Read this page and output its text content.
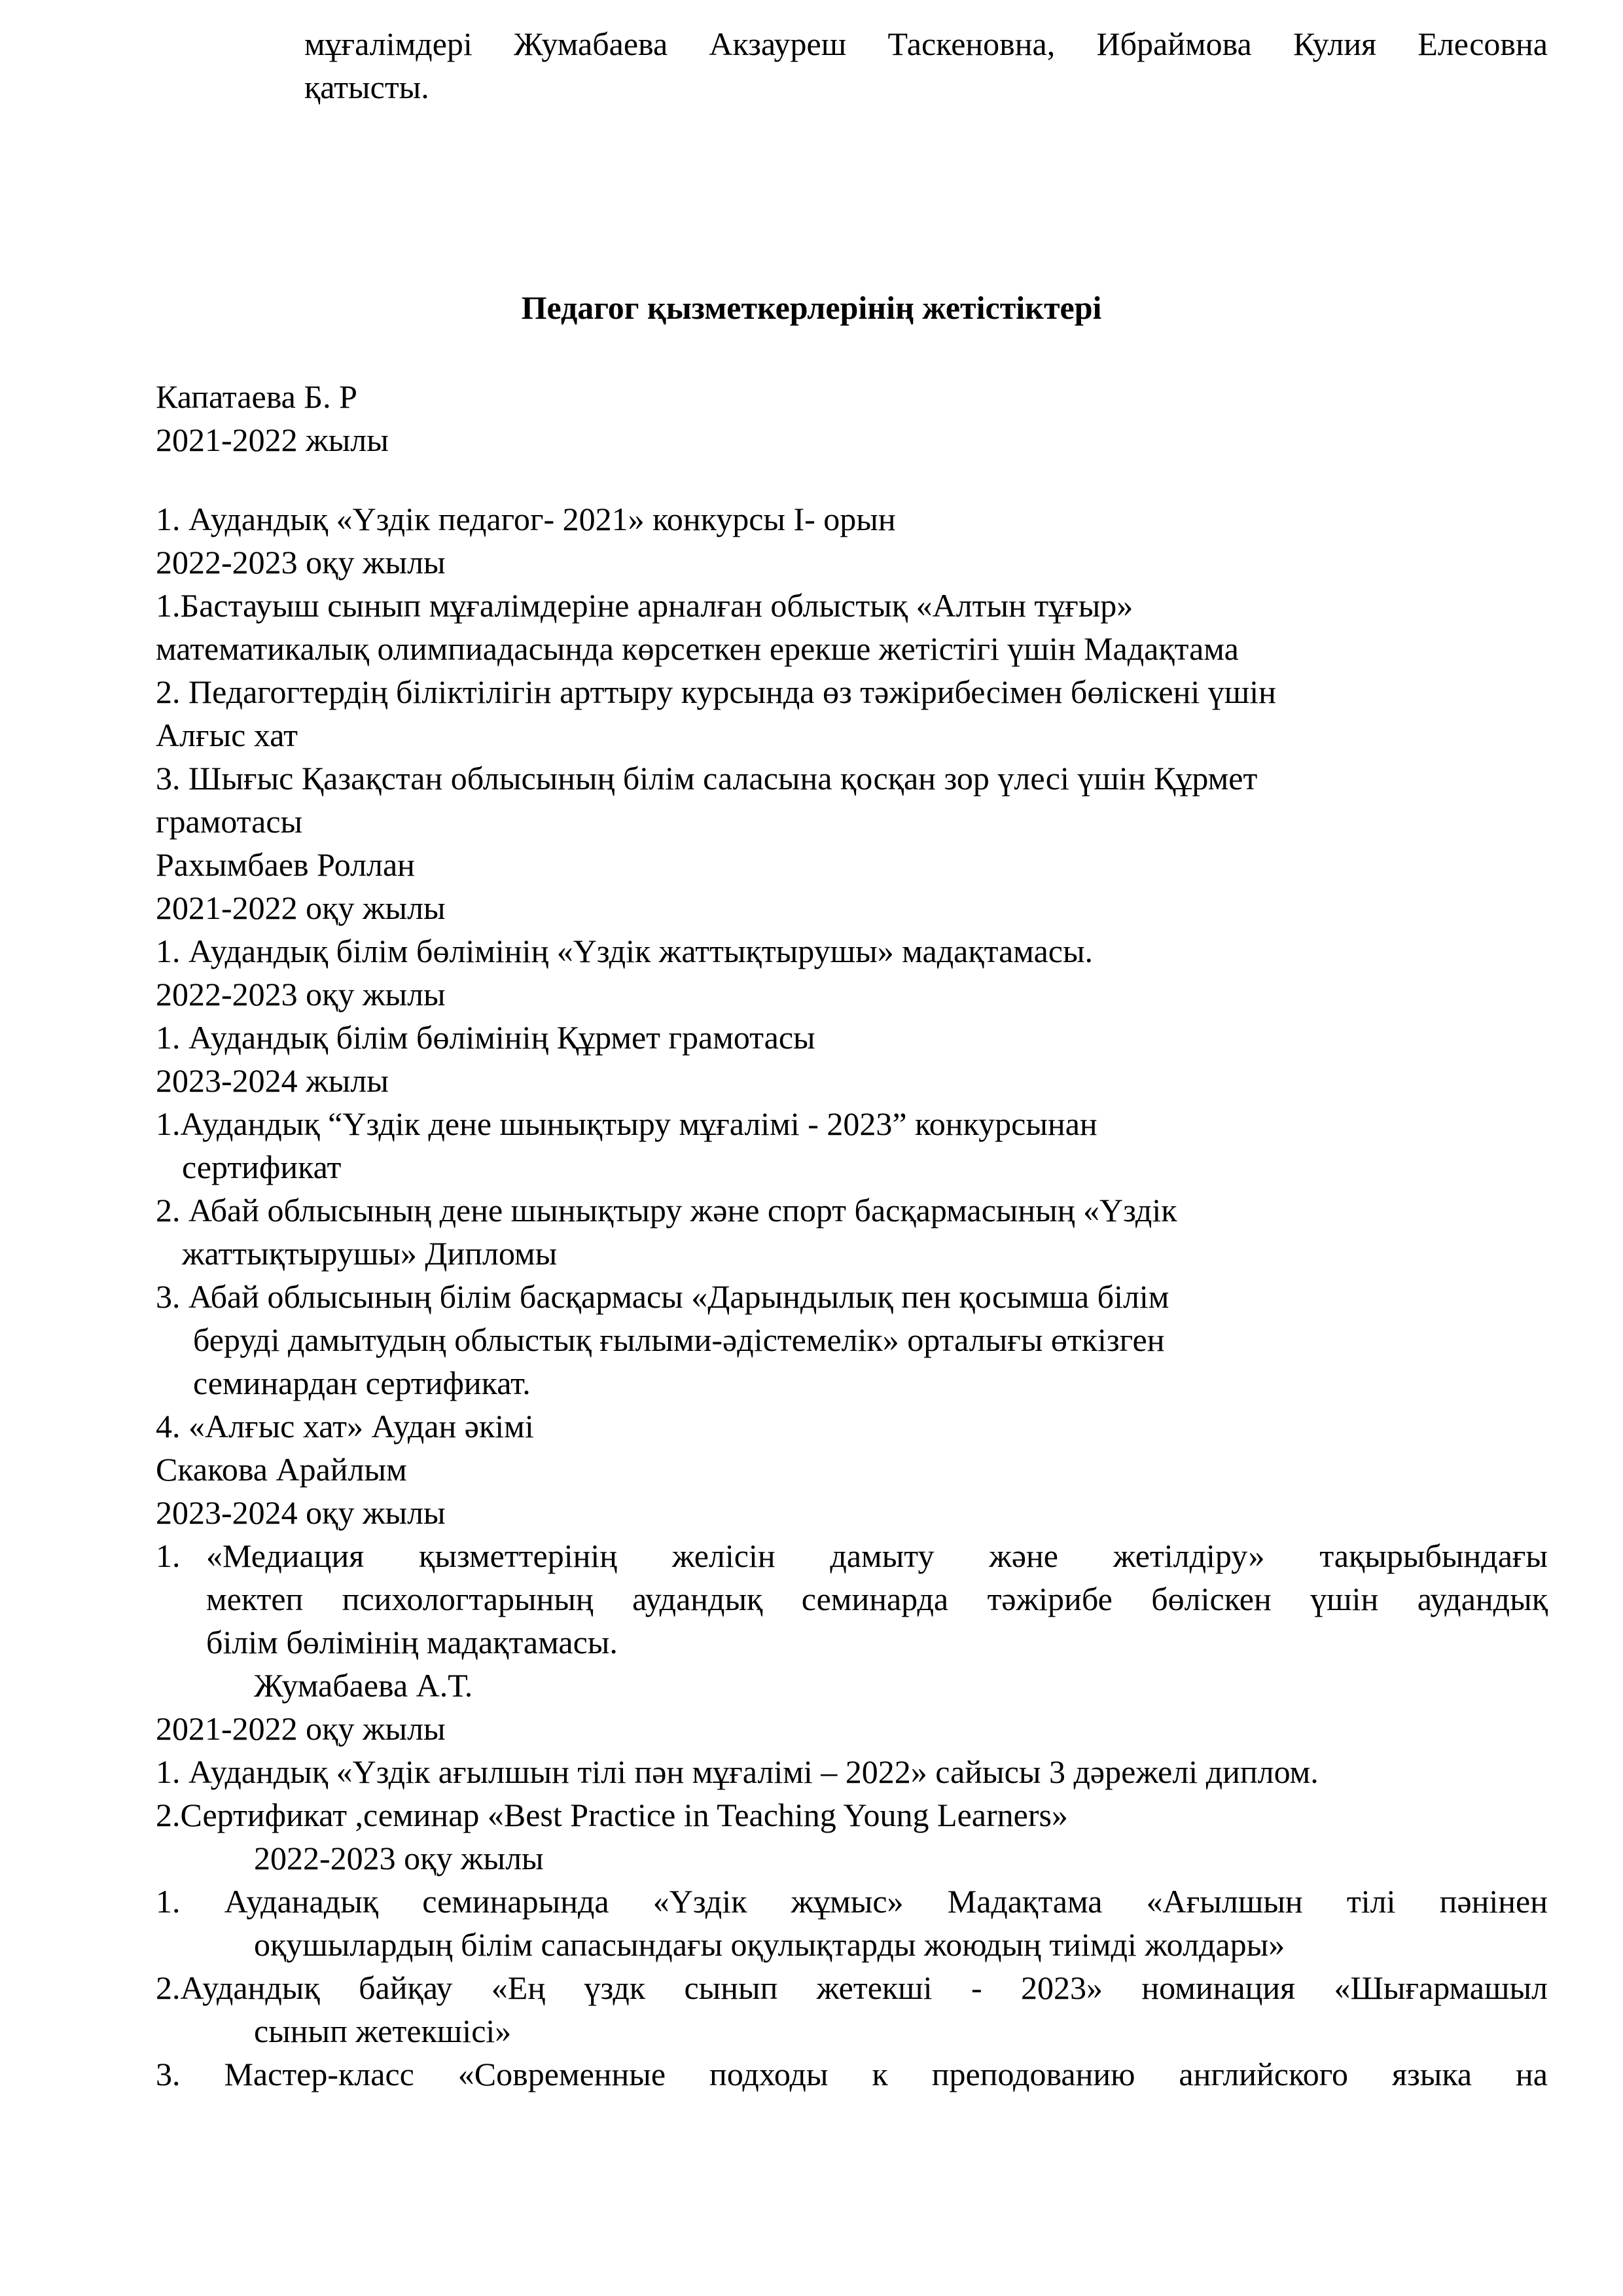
мұғалімдері Жумабаева Акзауреш Таскеновна, Ибраймова Кулия Елесовна
қатысты.
Педагог қызметкерлерінің жетістіктері
Капатаева Б. Р
2021-2022 жылы
1. Аудандық «Үздік педагог- 2021» конкурсы I- орын
2022-2023 оқу жылы
1.Бастауыш сынып мұғалімдеріне арналған облыстық «Алтын тұғыр»
математикалық олимпиадасында көрсеткен ерекше жетістігі үшін Мадақтама
2. Педагогтердің біліктілігін арттыру курсында өз тәжірибесімен бөліскені үшін
Алғыс хат
3. Шығыс Қазақстан облысының білім саласына қосқан зор үлесі үшін Құрмет
грамотасы
Рахымбаев Роллан
2021-2022 оқу жылы
1. Аудандық білім бөлімінің «Үздік жаттықтырушы» мадақтамасы.
2022-2023 оқу жылы
1. Аудандық білім бөлімінің Құрмет грамотасы
2023-2024 жылы
1.Аудандық “Үздік дене шынықтыру мұғалімі - 2023” конкурсынан
сертификат
2. Абай облысының дене шынықтыру және спорт басқармасының «Үздік
жаттықтырушы» Дипломы
3. Абай облысының білім басқармасы «Дарындылық пен қосымша білім
беруді дамытудың облыстық ғылыми-әдістемелік» орталығы өткізген
семинардан сертификат.
4. «Алғыс хат» Аудан әкімі
Скакова Арайлым
2023-2024 оқу жылы
1. «Медиация қызметтерінің желісін дамыту және жетілдіру» тақырыбындағы
мектеп психологтарының аудандық семинарда тәжірибе бөліскен үшін аудандық
білім бөлімінің мадақтамасы.
Жумабаева А.Т.
2021-2022 оқу жылы
1. Аудандық «Үздік ағылшын тілі пән мұғалімі – 2022» сайысы 3 дәрежелі диплом.
2.Сертификат ,семинар «Best Practice in Teaching Young Learners»
2022-2023 оқу жылы
1. Ауданадық семинарында «Үздік жұмыс» Мадақтама «Ағылшын тілі пәнінен
оқушылардың білім сапасындағы оқулықтарды жоюдың тиімді жолдары»
2.Аудандық байқау «Ең үздк сынып жетекші - 2023» номинация «Шығармашыл
сынып жетекшісі»
3. Мастер-класс «Современные подходы к преподованию английского языка на
